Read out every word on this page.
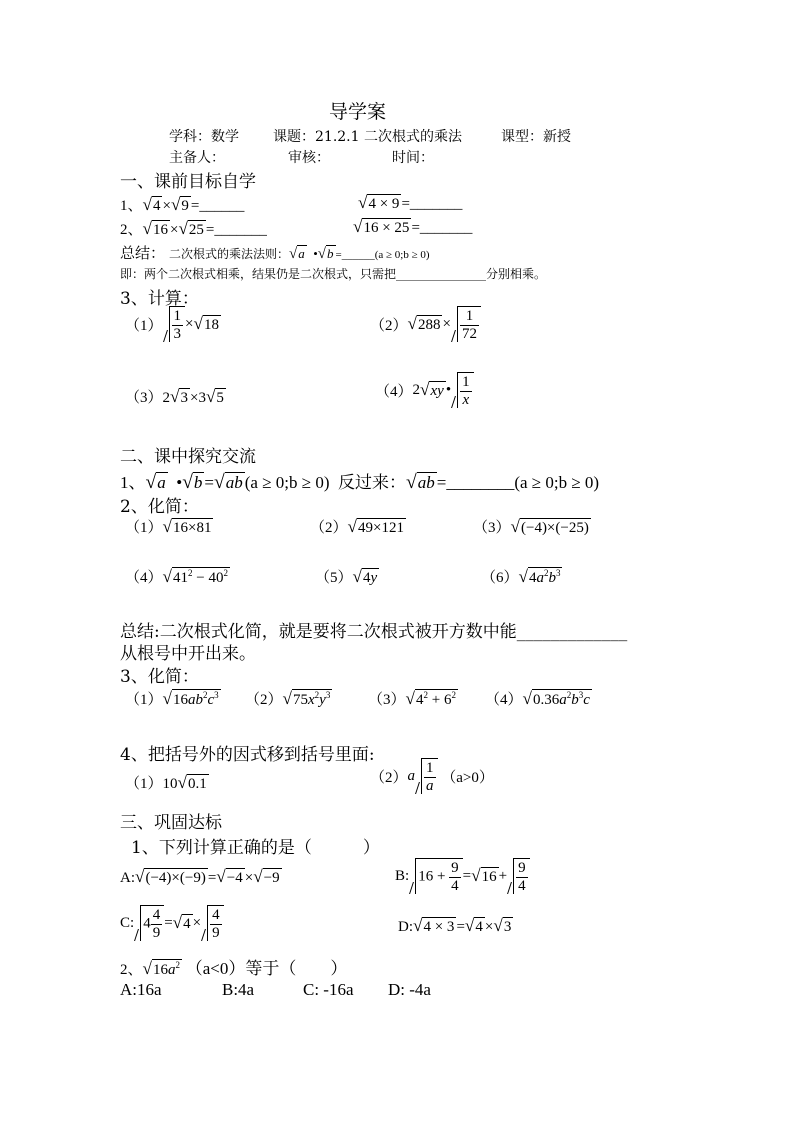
导学案
学科：数学 课题：21.2.1 二次根式的乘法	课型：新授
主备人：	审核：	时间：
一、课前目标自学
1、√4 ×√9 =______	√4 × 9 =_______
2、√16 ×√25 =_______	√16 × 25 =_______
总结： 二次根式的乘法法则：√a  •√b =______(a ≥ 0;b ≥ 0)
即：两个二次根式相乘，结果仍是二次根式，只需把_______________分别相乘。
3、计算：
$(1) \frac{1}{3} \times √18$	（2） $√288 \times \frac{1}{72}$
（3）2√3 ×3√5	（4） 2 √xy • $\frac{1}{x}$
二、课中探究交流
1、√a  •√b =√ab (a ≥ 0;b ≥ 0) 反过来：√ab =________(a ≥ 0;b ≥ 0)
2、化简：
（1）√16×81	（2）√49×121	（3）√(−4)×(−25)
$(4)√41^2 - 40^2$	（5）√4y	$(6)√4a^2b^3$
总结:二次根式化简，就是要将二次根式被开方数中能_____________
从根号中开出来。
3、化简：
$(1)√16ab^2c^3$ $(2)√75x^2y^3$	$(3)√4^2 + 6^2$ $(4)√0.36a^2b^3c$
4、把括号外的因式移到括号里面:
（1）10√0.1	（2） a $\frac{1}{a}$
（a>0）
三、巩固达标
1、下列计算正确的是（　　　）
A:√(−4)×(−9) =√−4 ×√−9	B: $16 + \frac{9}{4} = √16 + \frac{9}{4}$
C: $4 \frac{4}{9} = √4 \times \frac{4}{9}$	D:√4 × 3 =√4 ×√3
2、$√16a^2$ （a<0）等于（　　）
A:16a	B:4a	C: -16a D: -4a
